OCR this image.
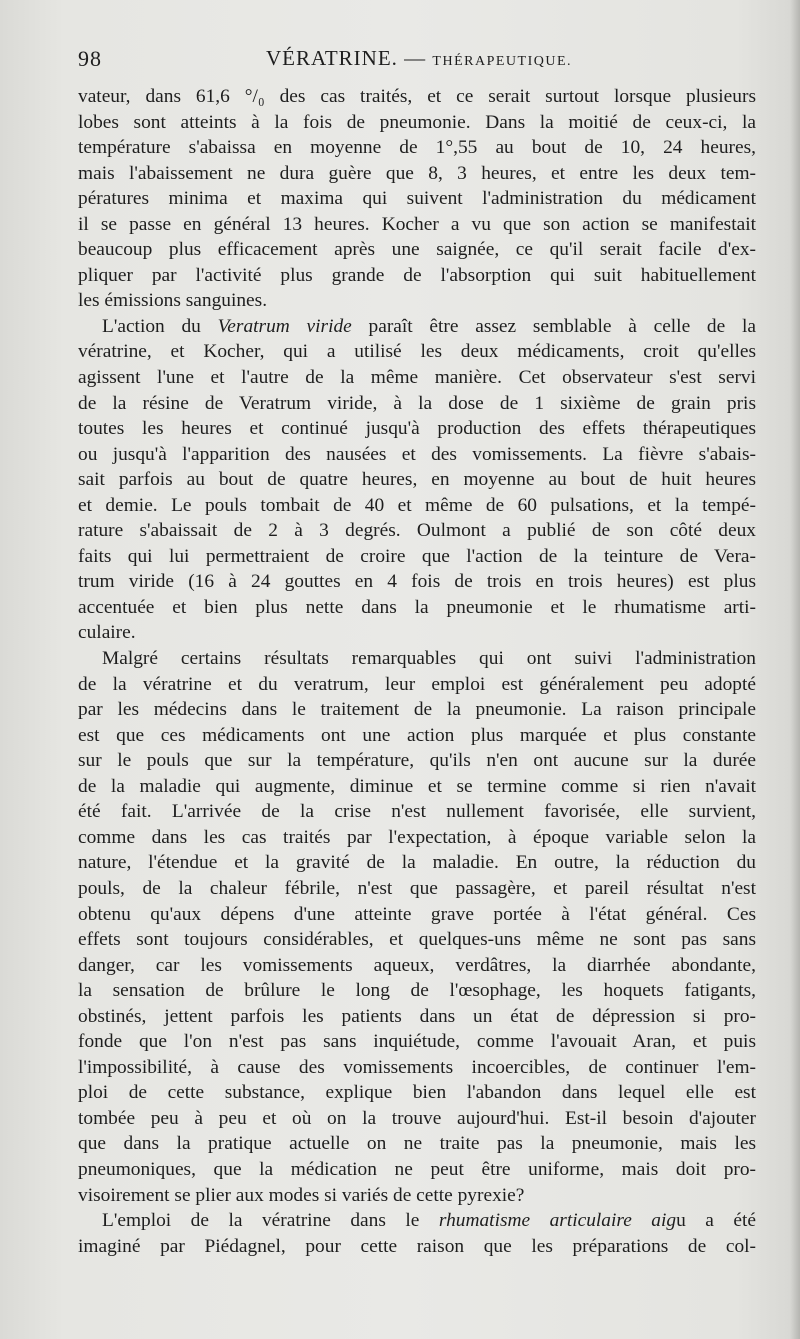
98	VÉRATRINE. — THÉRAPEUTIQUE.
vateur, dans 61,6 °/₀ des cas traités, et ce serait surtout lorsque plusieurs
lobes sont atteints à la fois de pneumonie. Dans la moitié de ceux-ci, la
température s'abaissa en moyenne de 1°,55 au bout de 10, 24 heures,
mais l'abaissement ne dura guère que 8, 3 heures, et entre les deux tem-
pératures minima et maxima qui suivent l'administration du médicament
il se passe en général 13 heures. Kocher a vu que son action se manifestait
beaucoup plus efficacement après une saignée, ce qu'il serait facile d'ex-
pliquer par l'activité plus grande de l'absorption qui suit habituellement
les émissions sanguines.
L'action du Veratrum viride paraît être assez semblable à celle de la
vératrine, et Kocher, qui a utilisé les deux médicaments, croit qu'elles
agissent l'une et l'autre de la même manière. Cet observateur s'est servi
de la résine de Veratrum viride, à la dose de 1 sixième de grain pris
toutes les heures et continué jusqu'à production des effets thérapeutiques
ou jusqu'à l'apparition des nausées et des vomissements. La fièvre s'abais-
sait parfois au bout de quatre heures, en moyenne au bout de huit heures
et demie. Le pouls tombait de 40 et même de 60 pulsations, et la tempé-
rature s'abaissait de 2 à 3 degrés. Oulmont a publié de son côté deux
faits qui lui permettraient de croire que l'action de la teinture de Vera-
trum viride (16 à 24 gouttes en 4 fois de trois en trois heures) est plus
accentuée et bien plus nette dans la pneumonie et le rhumatisme arti-
culaire.
Malgré certains résultats remarquables qui ont suivi l'administration
de la vératrine et du veratrum, leur emploi est généralement peu adopté
par les médecins dans le traitement de la pneumonie. La raison principale
est que ces médicaments ont une action plus marquée et plus constante
sur le pouls que sur la température, qu'ils n'en ont aucune sur la durée
de la maladie qui augmente, diminue et se termine comme si rien n'avait
été fait. L'arrivée de la crise n'est nullement favorisée, elle survient,
comme dans les cas traités par l'expectation, à époque variable selon la
nature, l'étendue et la gravité de la maladie. En outre, la réduction du
pouls, de la chaleur fébrile, n'est que passagère, et pareil résultat n'est
obtenu qu'aux dépens d'une atteinte grave portée à l'état général. Ces
effets sont toujours considérables, et quelques-uns même ne sont pas sans
danger, car les vomissements aqueux, verdâtres, la diarrhée abondante,
la sensation de brûlure le long de l'œsophage, les hoquets fatigants,
obstinés, jettent parfois les patients dans un état de dépression si pro-
fonde que l'on n'est pas sans inquiétude, comme l'avouait Aran, et puis
l'impossibilité, à cause des vomissements incoercibles, de continuer l'em-
ploi de cette substance, explique bien l'abandon dans lequel elle est
tombée peu à peu et où on la trouve aujourd'hui. Est-il besoin d'ajouter
que dans la pratique actuelle on ne traite pas la pneumonie, mais les
pneumoniques, que la médication ne peut être uniforme, mais doit pro-
visoirement se plier aux modes si variés de cette pyrexie?
L'emploi de la vératrine dans le rhumatisme articulaire aigu a été
imaginé par Piédagnel, pour cette raison que les préparations de col-
